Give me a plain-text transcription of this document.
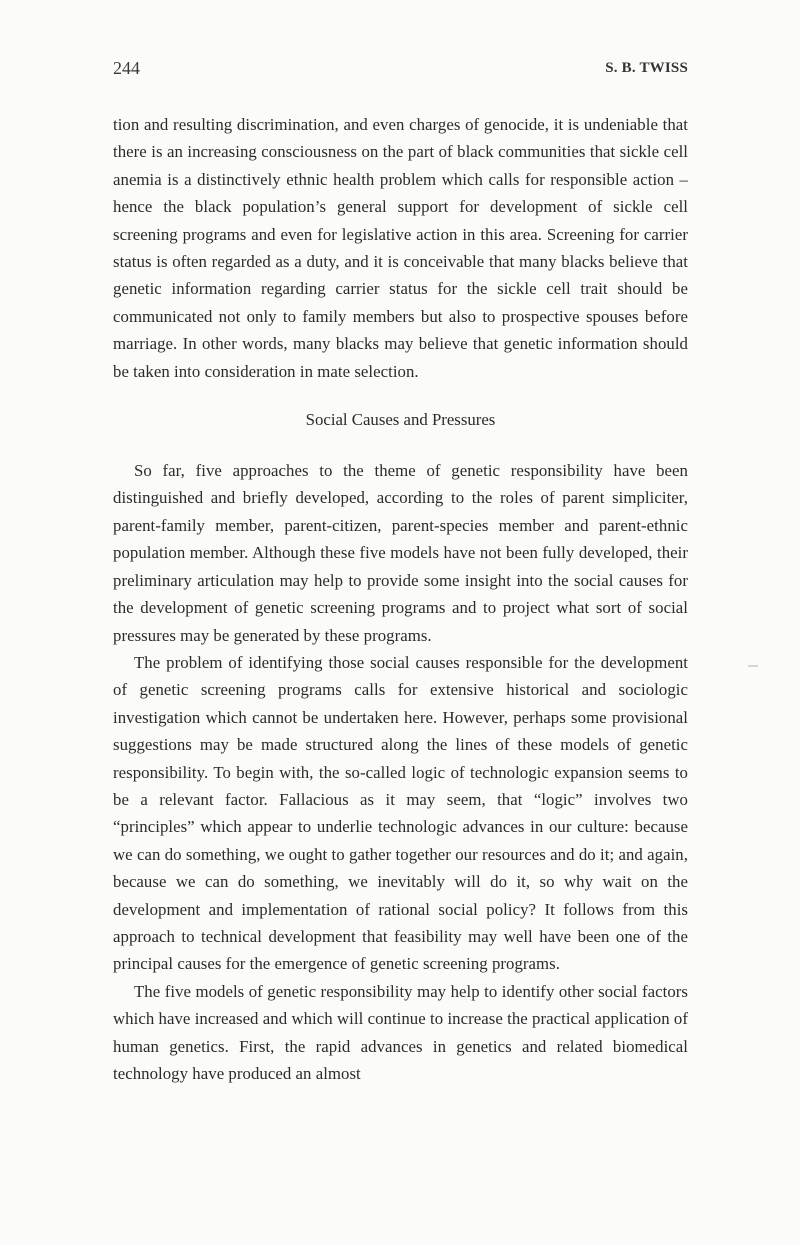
244	S. B. TWISS

tion and resulting discrimination, and even charges of genocide, it is undeniable that there is an increasing consciousness on the part of black communities that sickle cell anemia is a distinctively ethnic health problem which calls for responsible action – hence the black population’s general support for development of sickle cell screening programs and even for legislative action in this area. Screening for carrier status is often regarded as a duty, and it is conceivable that many blacks believe that genetic information regarding carrier status for the sickle cell trait should be communicated not only to family members but also to prospective spouses before marriage. In other words, many blacks may believe that genetic information should be taken into consideration in mate selection.

Social Causes and Pressures

So far, five approaches to the theme of genetic responsibility have been distinguished and briefly developed, according to the roles of parent simpliciter, parent-family member, parent-citizen, parent-species member and parent-ethnic population member. Although these five models have not been fully developed, their preliminary articulation may help to provide some insight into the social causes for the development of genetic screening programs and to project what sort of social pressures may be generated by these programs.

The problem of identifying those social causes responsible for the development of genetic screening programs calls for extensive historical and sociologic investigation which cannot be undertaken here. However, perhaps some provisional suggestions may be made structured along the lines of these models of genetic responsibility. To begin with, the so-called logic of technologic expansion seems to be a relevant factor. Fallacious as it may seem, that “logic” involves two “principles” which appear to underlie technologic advances in our culture: because we can do something, we ought to gather together our resources and do it; and again, because we can do something, we inevitably will do it, so why wait on the development and implementation of rational social policy? It follows from this approach to technical development that feasibility may well have been one of the principal causes for the emergence of genetic screening programs.

The five models of genetic responsibility may help to identify other social factors which have increased and which will continue to increase the practical application of human genetics. First, the rapid advances in genetics and related biomedical technology have produced an almost
